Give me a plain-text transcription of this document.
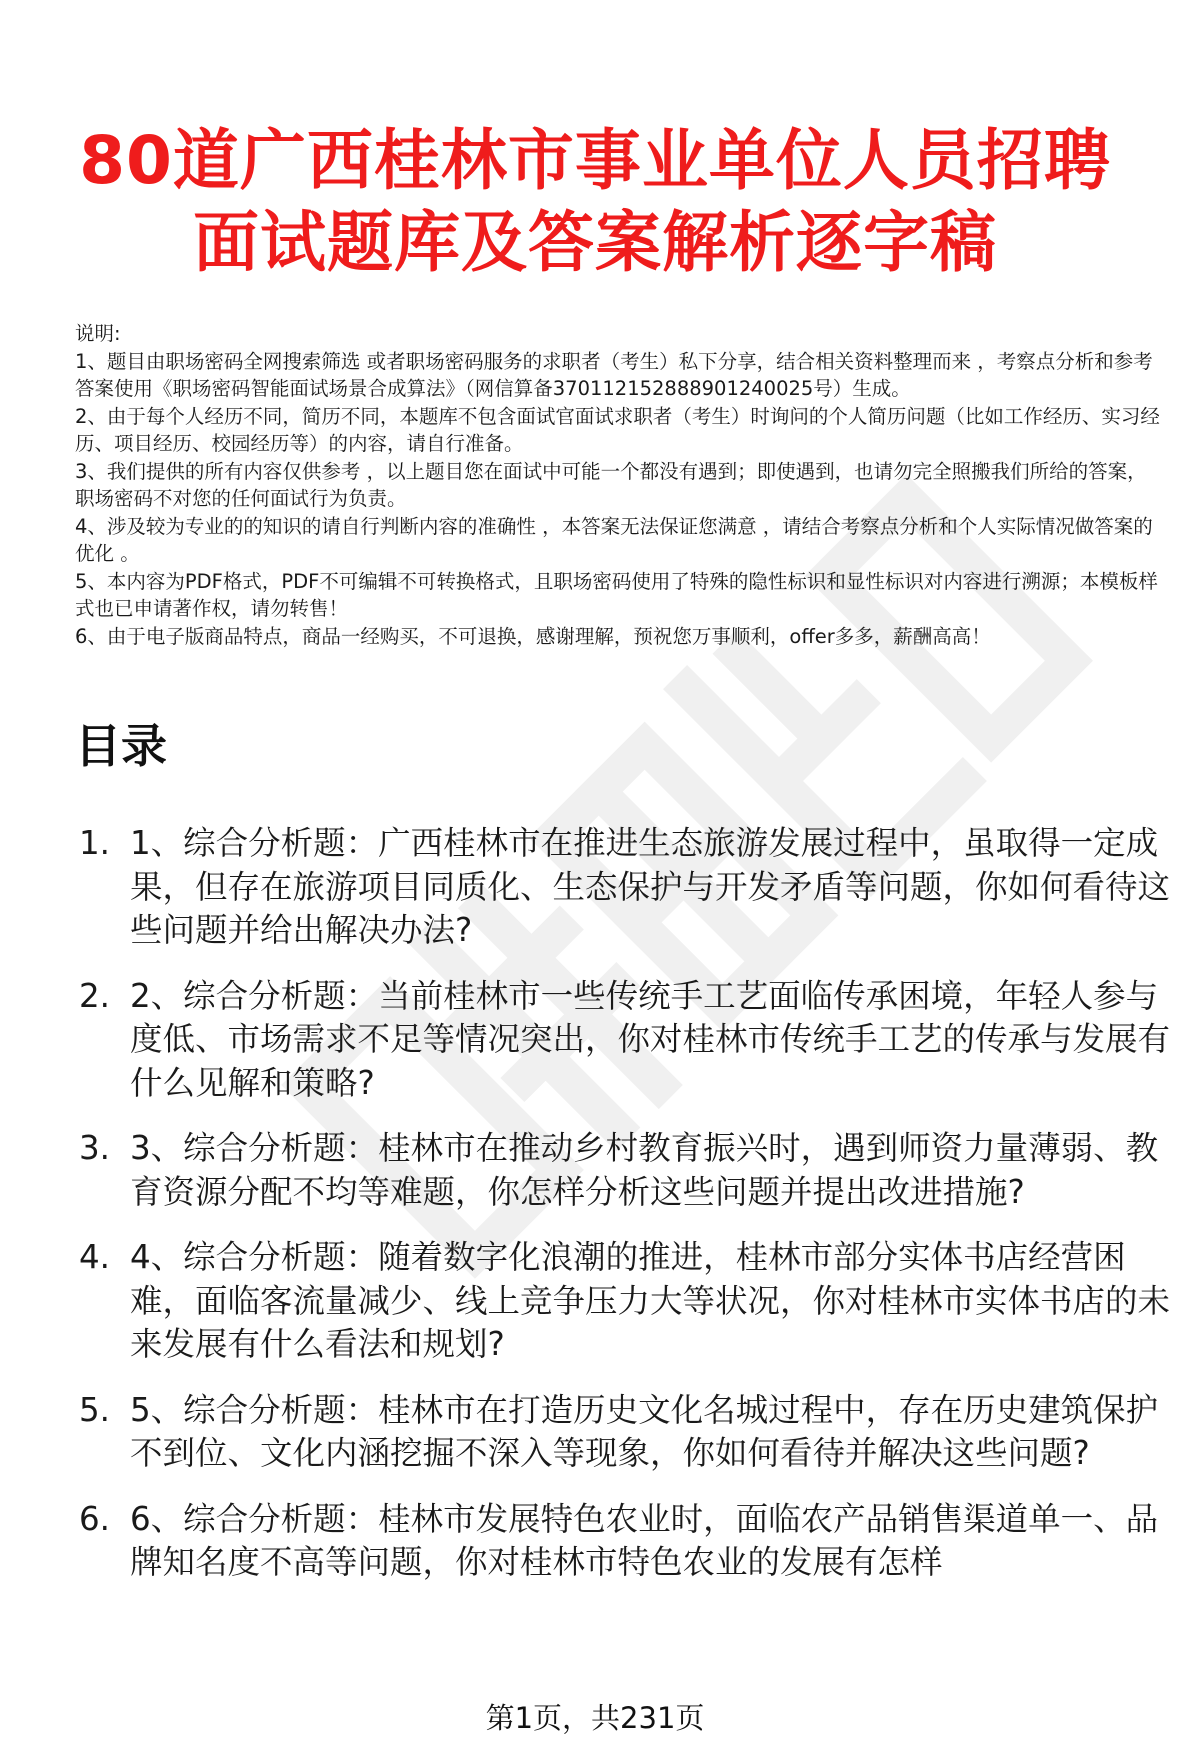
80道广西桂林市事业单位人员招聘
面试题库及答案解析逐字稿

说明:

1、题目由职场密码全网搜索筛选 或者职场密码服务的求职者（考生）私下分享，结合相关资料整理而来 ，考察点分析和参考答案使用《职场密码智能面试场景合成算法》（网信算备370112152888901240025号）生成。

2、由于每个人经历不同，简历不同，本题库不包含面试官面试求职者（考生）时询问的个人简历问题（比如工作经历、实习经历、项目经历、校园经历等）的内容，请自行准备。

3、我们提供的所有内容仅供参考 ，以上题目您在面试中可能一个都没有遇到；即使遇到，也请勿完全照搬我们所给的答案，职场密码不对您的任何面试行为负责。

4、涉及较为专业的的知识的请自行判断内容的准确性 ，本答案无法保证您满意 ，请结合考察点分析和个人实际情况做答案的优化 。

5、本内容为PDF格式，PDF不可编辑不可转换格式，且职场密码使用了特殊的隐性标识和显性标识对内容进行溯源；本模板样式也已申请著作权，请勿转售！

6、由于电子版商品特点，商品一经购买，不可退换，感谢理解，预祝您万事顺利，offer多多，薪酬高高！

目录
1. 1、综合分析题：广西桂林市在推进生态旅游发展过程中，虽取得一定成果，但存在旅游项目同质化、生态保护与开发矛盾等问题，你如何看待这些问题并给出解决办法?
2. 2、综合分析题：当前桂林市一些传统手工艺面临传承困境，年轻人参与度低、市场需求不足等情况突出，你对桂林市传统手工艺的传承与发展有什么见解和策略?
3. 3、综合分析题：桂林市在推动乡村教育振兴时，遇到师资力量薄弱、教育资源分配不均等难题，你怎样分析这些问题并提出改进措施?
4. 4、综合分析题：随着数字化浪潮的推进，桂林市部分实体书店经营困难，面临客流量减少、线上竞争压力大等状况，你对桂林市实体书店的未来发展有什么看法和规划?
5. 5、综合分析题：桂林市在打造历史文化名城过程中，存在历史建筑保护不到位、文化内涵挖掘不深入等现象，你如何看待并解决这些问题?
6. 6、综合分析题：桂林市发展特色农业时，面临农产品销售渠道单一、品牌知名度不高等问题，你对桂林市特色农业的发展有怎样
第1页，共231页
